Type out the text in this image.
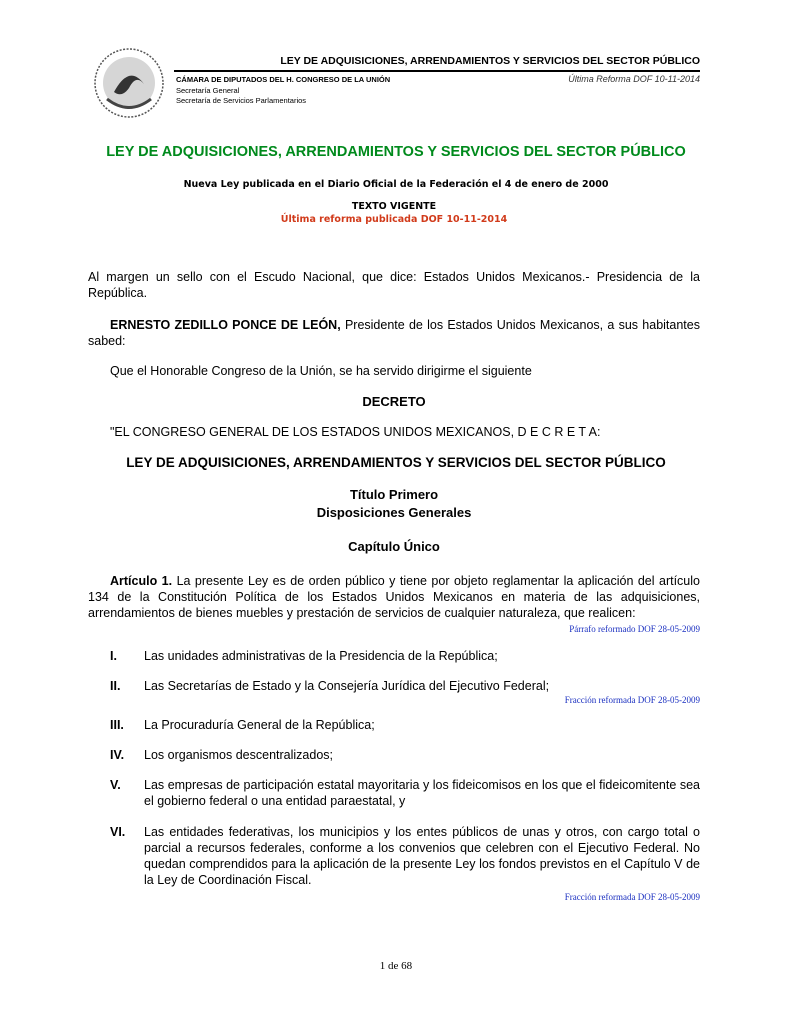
LEY DE ADQUISICIONES, ARRENDAMIENTOS Y SERVICIOS DEL SECTOR PÚBLICO
CÁMARA DE DIPUTADOS DEL H. CONGRESO DE LA UNIÓN
Secretaría General
Secretaría de Servicios Parlamentarios
Última Reforma DOF 10-11-2014
LEY DE ADQUISICIONES, ARRENDAMIENTOS Y SERVICIOS DEL SECTOR PÚBLICO
Nueva Ley publicada en el Diario Oficial de la Federación el 4 de enero de 2000
TEXTO VIGENTE
Última reforma publicada DOF 10-11-2014
Al margen un sello con el Escudo Nacional, que dice: Estados Unidos Mexicanos.- Presidencia de la República.
ERNESTO ZEDILLO PONCE DE LEÓN, Presidente de los Estados Unidos Mexicanos, a sus habitantes sabed:
Que el Honorable Congreso de la Unión, se ha servido dirigirme el siguiente
DECRETO
"EL CONGRESO GENERAL DE LOS ESTADOS UNIDOS MEXICANOS, D E C R E T A:
LEY DE ADQUISICIONES, ARRENDAMIENTOS Y SERVICIOS DEL SECTOR PÚBLICO
Título Primero
Disposiciones Generales
Capítulo Único
Artículo 1. La presente Ley es de orden público y tiene por objeto reglamentar la aplicación del artículo 134 de la Constitución Política de los Estados Unidos Mexicanos en materia de las adquisiciones, arrendamientos de bienes muebles y prestación de servicios de cualquier naturaleza, que realicen:
Párrafo reformado DOF 28-05-2009
I. Las unidades administrativas de la Presidencia de la República;
II. Las Secretarías de Estado y la Consejería Jurídica del Ejecutivo Federal;
Fracción reformada DOF 28-05-2009
III. La Procuraduría General de la República;
IV. Los organismos descentralizados;
V. Las empresas de participación estatal mayoritaria y los fideicomisos en los que el fideicomitente sea el gobierno federal o una entidad paraestatal, y
VI. Las entidades federativas, los municipios y los entes públicos de unas y otros, con cargo total o parcial a recursos federales, conforme a los convenios que celebren con el Ejecutivo Federal. No quedan comprendidos para la aplicación de la presente Ley los fondos previstos en el Capítulo V de la Ley de Coordinación Fiscal.
Fracción reformada DOF 28-05-2009
1 de 68
